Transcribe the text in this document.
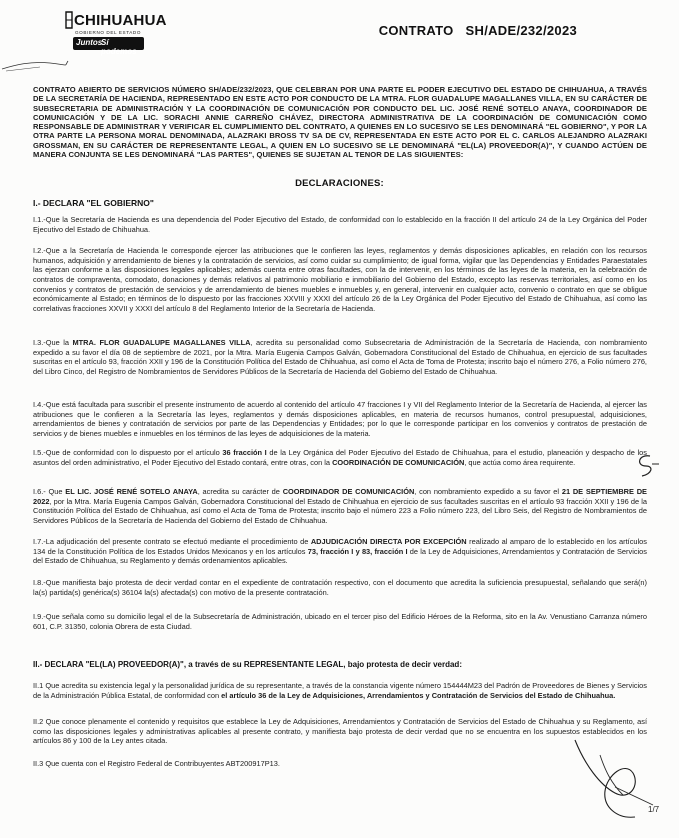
CHIHUAHUA
GOBIERNO DEL ESTADO
Juntos
Sí podemos
CONTRATO SH/ADE/232/2023
CONTRATO ABIERTO DE SERVICIOS NÚMERO SH/ADE/232/2023, QUE CELEBRAN POR UNA PARTE EL PODER EJECUTIVO DEL ESTADO DE CHIHUAHUA, A TRAVÉS DE LA SECRETARÍA DE HACIENDA, REPRESENTADO EN ESTE ACTO POR CONDUCTO DE LA MTRA. FLOR GUADALUPE MAGALLANES VILLA, EN SU CARÁCTER DE SUBSECRETARIA DE ADMINISTRACIÓN Y LA COORDINACIÓN DE COMUNICACIÓN POR CONDUCTO DEL LIC. JOSÉ RENÉ SOTELO ANAYA, COORDINADOR DE COMUNICACIÓN Y DE LA LIC. SORACHI ANNIE CARREÑO CHÁVEZ, DIRECTORA ADMINISTRATIVA DE LA COORDINACIÓN DE COMUNICACIÓN COMO RESPONSABLE DE ADMINISTRAR Y VERIFICAR EL CUMPLIMIENTO DEL CONTRATO, A QUIENES EN LO SUCESIVO SE LES DENOMINARÁ "EL GOBIERNO", Y POR LA OTRA PARTE LA PERSONA MORAL DENOMINADA, ALAZRAKI BROSS TV SA DE CV, REPRESENTADA EN ESTE ACTO POR EL C. CARLOS ALEJANDRO ALAZRAKI GROSSMAN, EN SU CARÁCTER DE REPRESENTANTE LEGAL, A QUIEN EN LO SUCESIVO SE LE DENOMINARÁ "EL(LA) PROVEEDOR(A)", Y CUANDO ACTÚEN DE MANERA CONJUNTA SE LES DENOMINARÁ "LAS PARTES", QUIENES SE SUJETAN AL TENOR DE LAS SIGUIENTES:
DECLARACIONES:
I.- DECLARA "EL GOBIERNO"
I.1.-Que la Secretaría de Hacienda es una dependencia del Poder Ejecutivo del Estado, de conformidad con lo establecido en la fracción II del artículo 24 de la Ley Orgánica del Poder Ejecutivo del Estado de Chihuahua.
I.2.-Que a la Secretaría de Hacienda le corresponde ejercer las atribuciones que le confieren las leyes, reglamentos y demás disposiciones aplicables, en relación con los recursos humanos, adquisición y arrendamiento de bienes y la contratación de servicios, así como cuidar su cumplimiento; de igual forma, vigilar que las Dependencias y Entidades Paraestatales las ejerzan conforme a las disposiciones legales aplicables; además cuenta entre otras facultades, con la de intervenir, en los términos de las leyes de la materia, en la celebración de contratos de compraventa, comodato, donaciones y demás relativos al patrimonio mobiliario e inmobiliario del Gobierno del Estado, excepto las reservas territoriales, así como en los convenios y contratos de prestación de servicios y de arrendamiento de bienes muebles e inmuebles y, en general, intervenir en cualquier acto, convenio o contrato en que se obligue económicamente al Estado; en términos de lo dispuesto por las fracciones XXVIII y XXXI del artículo 26 de la Ley Orgánica del Poder Ejecutivo del Estado de Chihuahua, así como las correlativas fracciones XXVII y XXXI del artículo 8 del Reglamento Interior de la Secretaría de Hacienda.
I.3.-Que la MTRA. FLOR GUADALUPE MAGALLANES VILLA, acredita su personalidad como Subsecretaria de Administración de la Secretaría de Hacienda, con nombramiento expedido a su favor el día 08 de septiembre de 2021, por la Mtra. María Eugenia Campos Galván, Gobernadora Constitucional del Estado de Chihuahua, en ejercicio de sus facultades suscritas en el artículo 93, fracción XXII y 196 de la Constitución Política del Estado de Chihuahua, así como el Acta de Toma de Protesta; inscrito bajo el número 276, a Folio número 276, del Libro Cinco, del Registro de Nombramientos de Servidores Públicos de la Secretaría de Hacienda del Gobierno del Estado de Chihuahua.
I.4.-Que está facultada para suscribir el presente instrumento de acuerdo al contenido del artículo 47 fracciones I y VII del Reglamento Interior de la Secretaría de Hacienda, al ejercer las atribuciones que le confieren a la Secretaría las leyes, reglamentos y demás disposiciones aplicables, en materia de recursos humanos, control presupuestal, adquisiciones, arrendamientos de bienes y contratación de servicios por parte de las Dependencias y Entidades; por lo que le corresponde participar en los convenios y contratos de prestación de servicios y de bienes muebles e inmuebles en los términos de las leyes de adquisiciones de la materia.
I.5.-Que de conformidad con lo dispuesto por el artículo 36 fracción I de la Ley Orgánica del Poder Ejecutivo del Estado de Chihuahua, para el estudio, planeación y despacho de los asuntos del orden administrativo, el Poder Ejecutivo del Estado contará, entre otras, con la COORDINACIÓN DE COMUNICACIÓN, que actúa como área requirente.
I.6.- Que EL LIC. JOSÉ RENÉ SOTELO ANAYA, acredita su carácter de COORDINADOR DE COMUNICACIÓN, con nombramiento expedido a su favor el 21 DE SEPTIEMBRE DE 2022, por la Mtra. María Eugenia Campos Galván, Gobernadora Constitucional del Estado de Chihuahua en ejercicio de sus facultades suscritas en el artículo 93 fracción XXII y 196 de la Constitución Política del Estado de Chihuahua, así como el Acta de Toma de Protesta; inscrito bajo el número 223 a Folio número 223, del Libro Seis, del Registro de Nombramientos de Servidores Públicos de la Secretaría de Hacienda del Gobierno del Estado de Chihuahua.
I.7.-La adjudicación del presente contrato se efectuó mediante el procedimiento de ADJUDICACIÓN DIRECTA POR EXCEPCIÓN realizado al amparo de lo establecido en los artículos 134 de la Constitución Política de los Estados Unidos Mexicanos y en los artículos 73, fracción I y 83, fracción I de la Ley de Adquisiciones, Arrendamientos y Contratación de Servicios del Estado de Chihuahua, su Reglamento y demás ordenamientos aplicables.
I.8.-Que manifiesta bajo protesta de decir verdad contar en el expediente de contratación respectivo, con el documento que acredita la suficiencia presupuestal, señalando que será(n) la(s) partida(s) genérica(s) 36104 la(s) afectada(s) con motivo de la presente contratación.
I.9.-Que señala como su domicilio legal el de la Subsecretaría de Administración, ubicado en el tercer piso del Edificio Héroes de la Reforma, sito en la Av. Venustiano Carranza número 601, C.P. 31350, colonia Obrera de esta Ciudad.
II.- DECLARA "EL(LA) PROVEEDOR(A)", a través de su REPRESENTANTE LEGAL, bajo protesta de decir verdad:
II.1 Que acredita su existencia legal y la personalidad jurídica de su representante, a través de la constancia vigente número 154444M23 del Padrón de Proveedores de Bienes y Servicios de la Administración Pública Estatal, de conformidad con el artículo 36 de la Ley de Adquisiciones, Arrendamientos y Contratación de Servicios del Estado de Chihuahua.
II.2 Que conoce plenamente el contenido y requisitos que establece la Ley de Adquisiciones, Arrendamientos y Contratación de Servicios del Estado de Chihuahua y su Reglamento, así como las disposiciones legales y administrativas aplicables al presente contrato, y manifiesta bajo protesta de decir verdad que no se encuentra en los supuestos establecidos en los artículos 86 y 100 de la Ley antes citada.
II.3 Que cuenta con el Registro Federal de Contribuyentes ABT200917P13.
1/7
